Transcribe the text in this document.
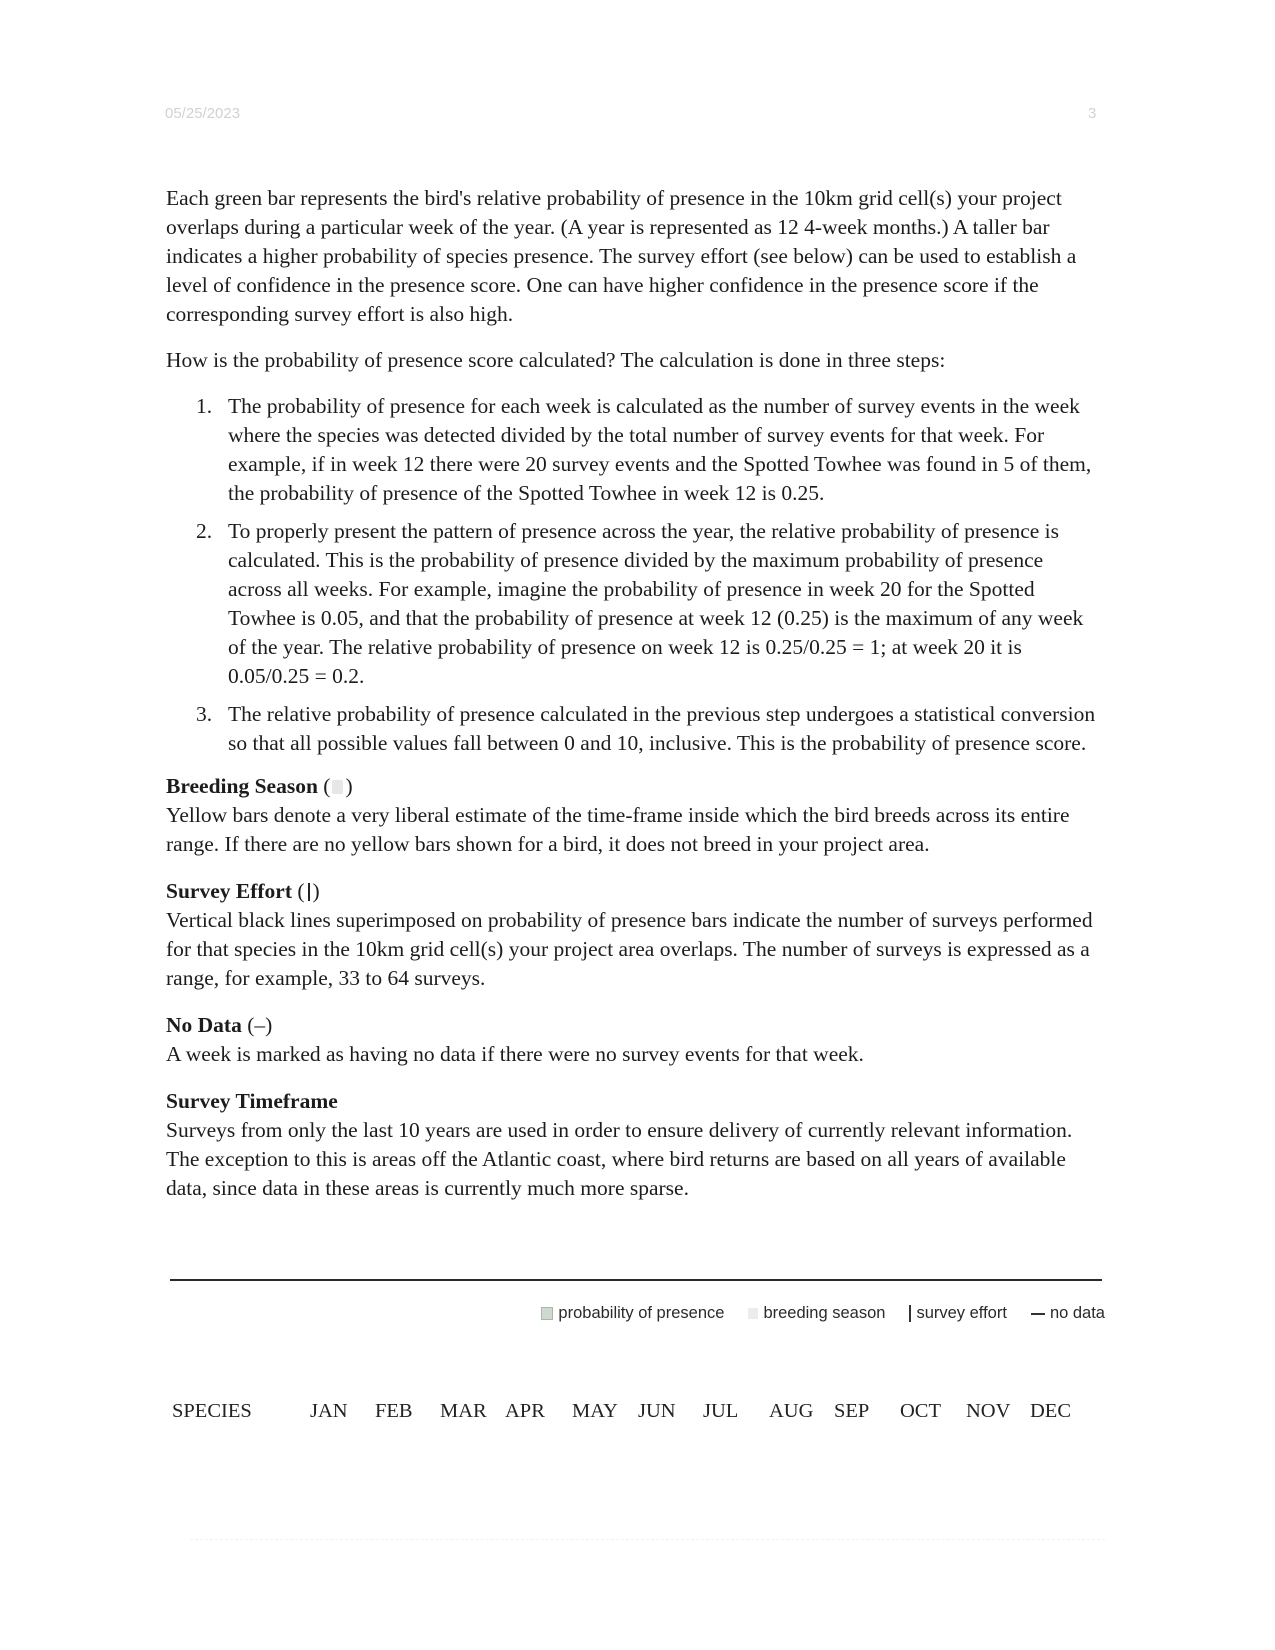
05/25/2023	3

Each green bar represents the bird's relative probability of presence in the 10km grid cell(s) your project overlaps during a particular week of the year. (A year is represented as 12 4-week months.) A taller bar indicates a higher probability of species presence. The survey effort (see below) can be used to establish a level of confidence in the presence score. One can have higher confidence in the presence score if the corresponding survey effort is also high.

How is the probability of presence score calculated? The calculation is done in three steps:

1. The probability of presence for each week is calculated as the number of survey events in the week where the species was detected divided by the total number of survey events for that week. For example, if in week 12 there were 20 survey events and the Spotted Towhee was found in 5 of them, the probability of presence of the Spotted Towhee in week 12 is 0.25.
2. To properly present the pattern of presence across the year, the relative probability of presence is calculated. This is the probability of presence divided by the maximum probability of presence across all weeks. For example, imagine the probability of presence in week 20 for the Spotted Towhee is 0.05, and that the probability of presence at week 12 (0.25) is the maximum of any week of the year. The relative probability of presence on week 12 is 0.25/0.25 = 1; at week 20 it is 0.05/0.25 = 0.2.
3. The relative probability of presence calculated in the previous step undergoes a statistical conversion so that all possible values fall between 0 and 10, inclusive. This is the probability of presence score.
Breeding Season ( )

Yellow bars denote a very liberal estimate of the time-frame inside which the bird breeds across its entire range. If there are no yellow bars shown for a bird, it does not breed in your project area.

Survey Effort ( )

Vertical black lines superimposed on probability of presence bars indicate the number of surveys performed for that species in the 10km grid cell(s) your project area overlaps. The number of surveys is expressed as a range, for example, 33 to 64 surveys.

No Data (–)

A week is marked as having no data if there were no survey events for that week.

Survey Timeframe

Surveys from only the last 10 years are used in order to ensure delivery of currently relevant information. The exception to this is areas off the Atlantic coast, where bird returns are based on all years of available data, since data in these areas is currently much more sparse.

probability of presence breeding season survey effort	no data
SPECIES	JAN FEB MAR APR MAY JUN JUL AUG SEP OCT NOV DEC
